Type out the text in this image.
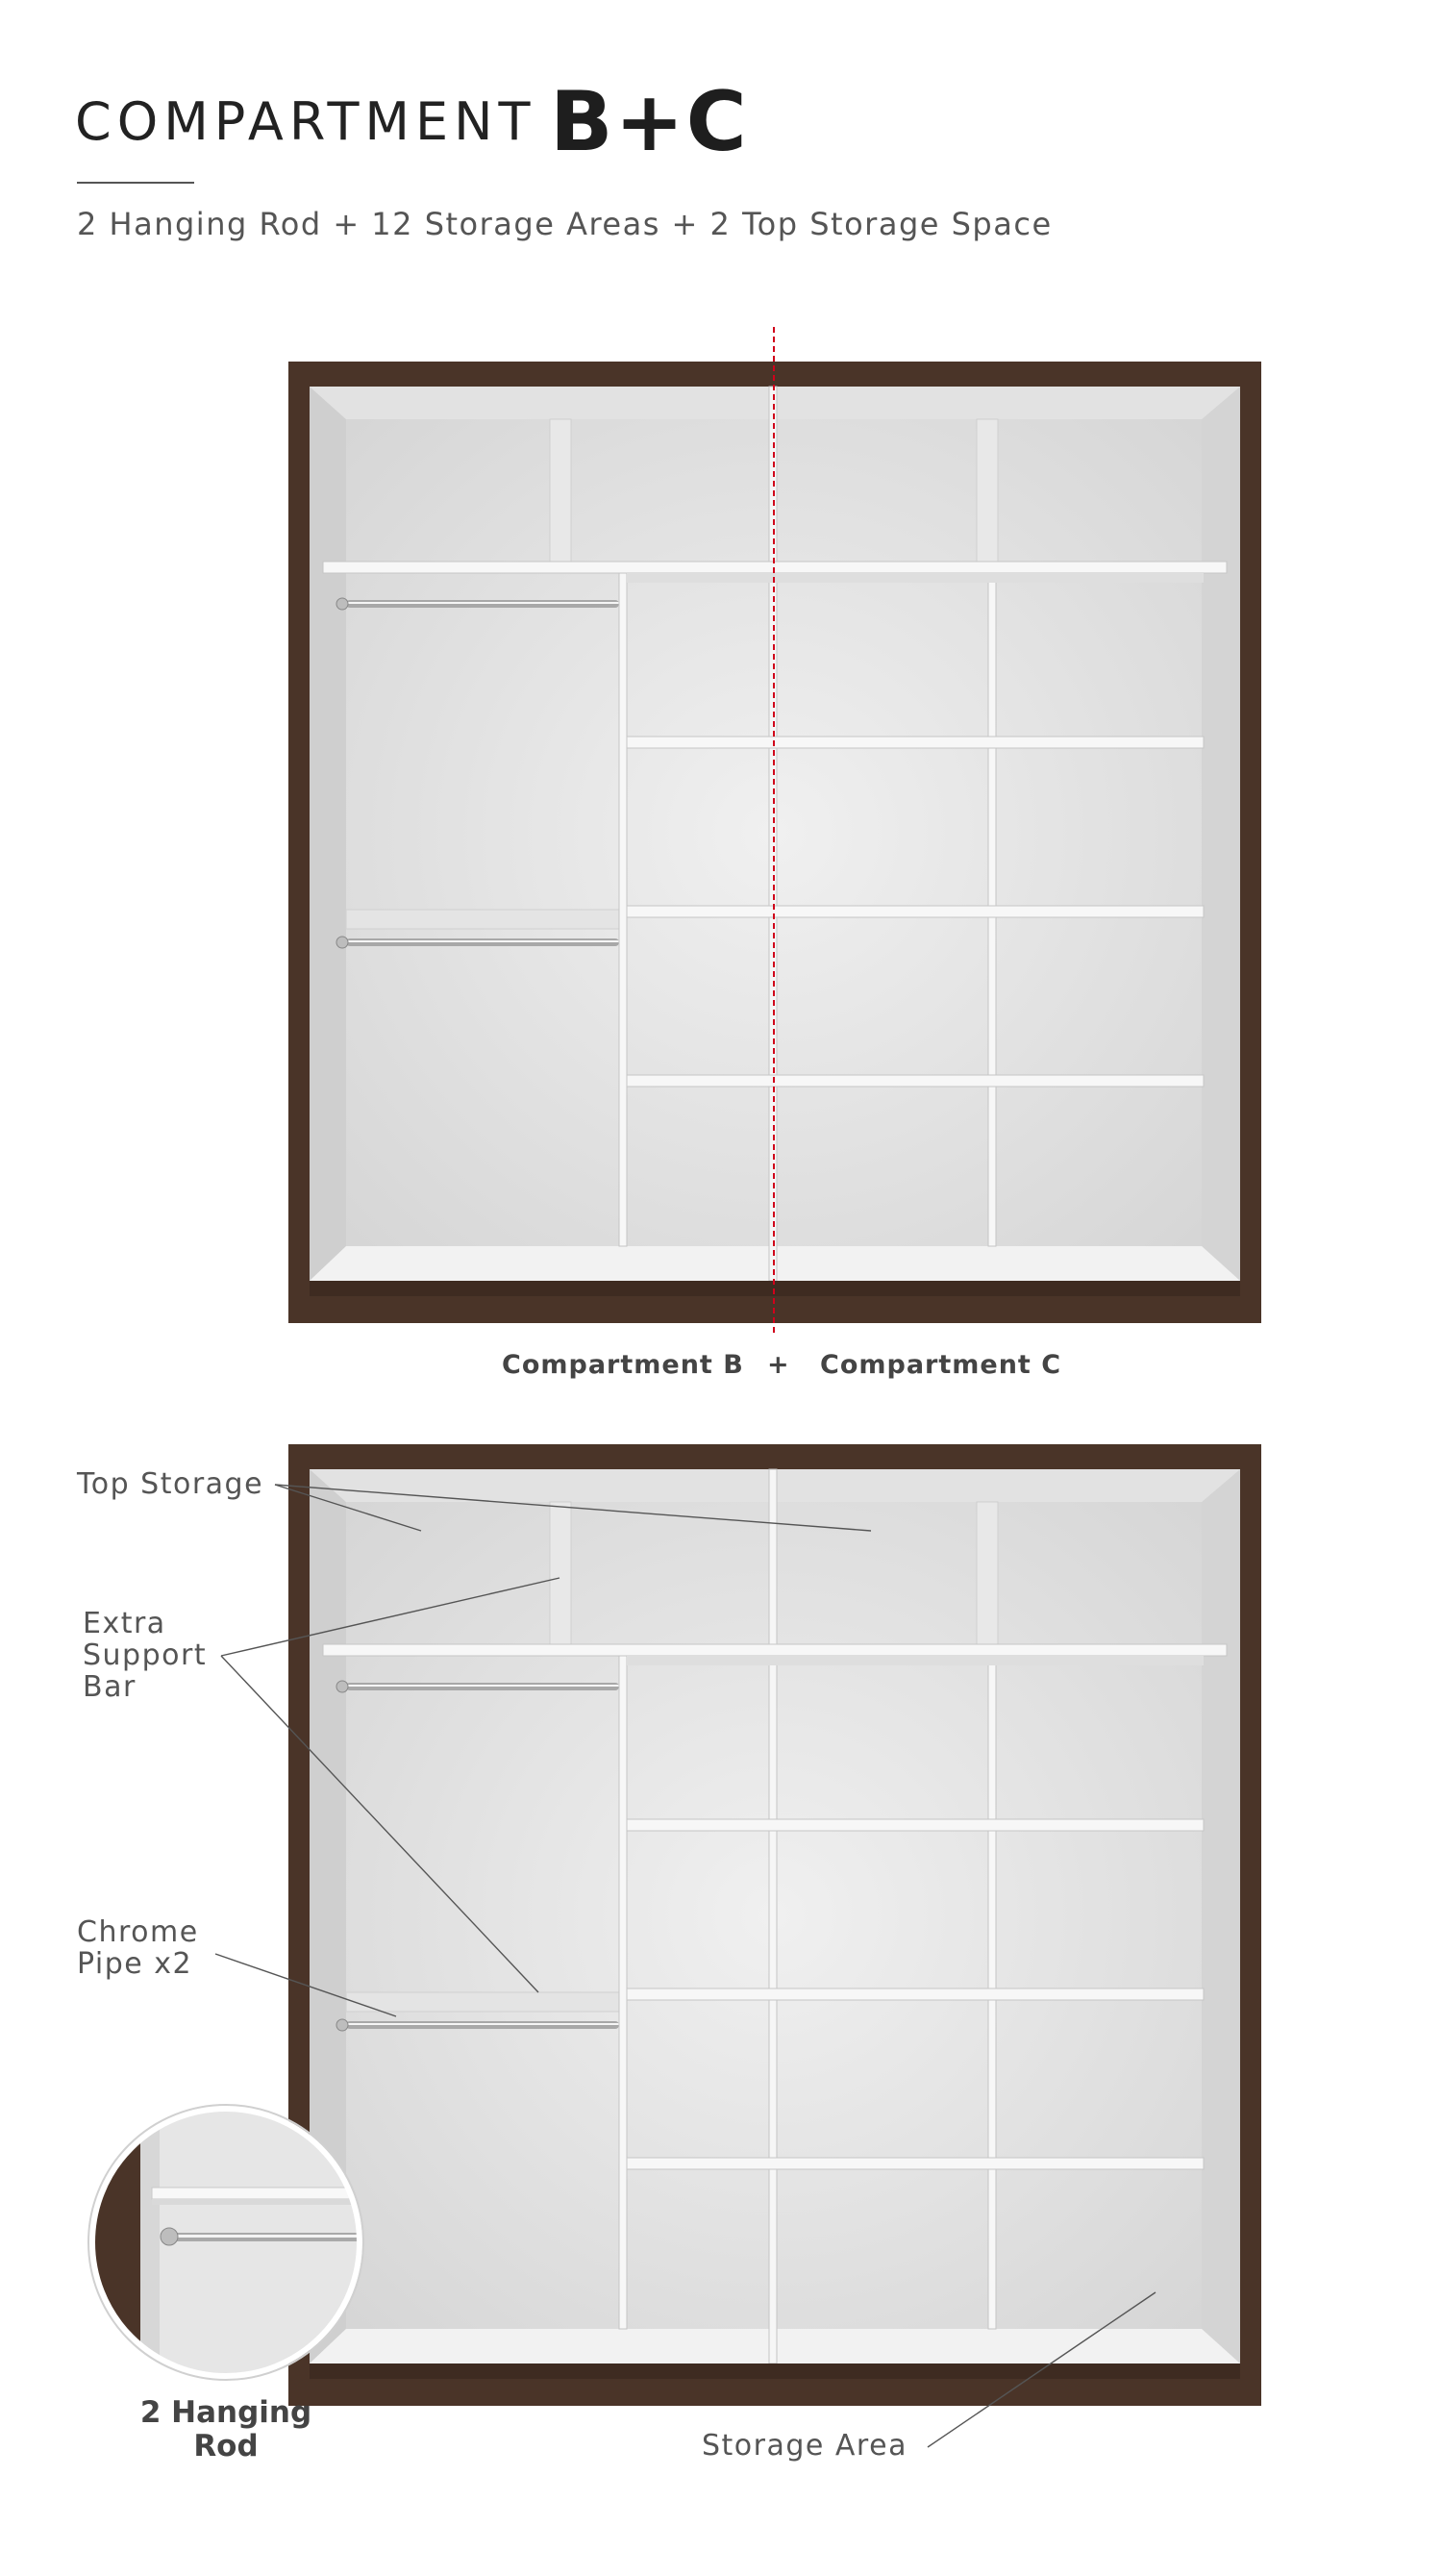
COMPARTMENT B+C
2 Hanging Rod + 12 Storage Areas + 2 Top Storage Space
Compartment B + Compartment C
Top Storage
Extra
Support
Bar
Chrome
Pipe x2
Storage Area
2 Hanging
Rod
